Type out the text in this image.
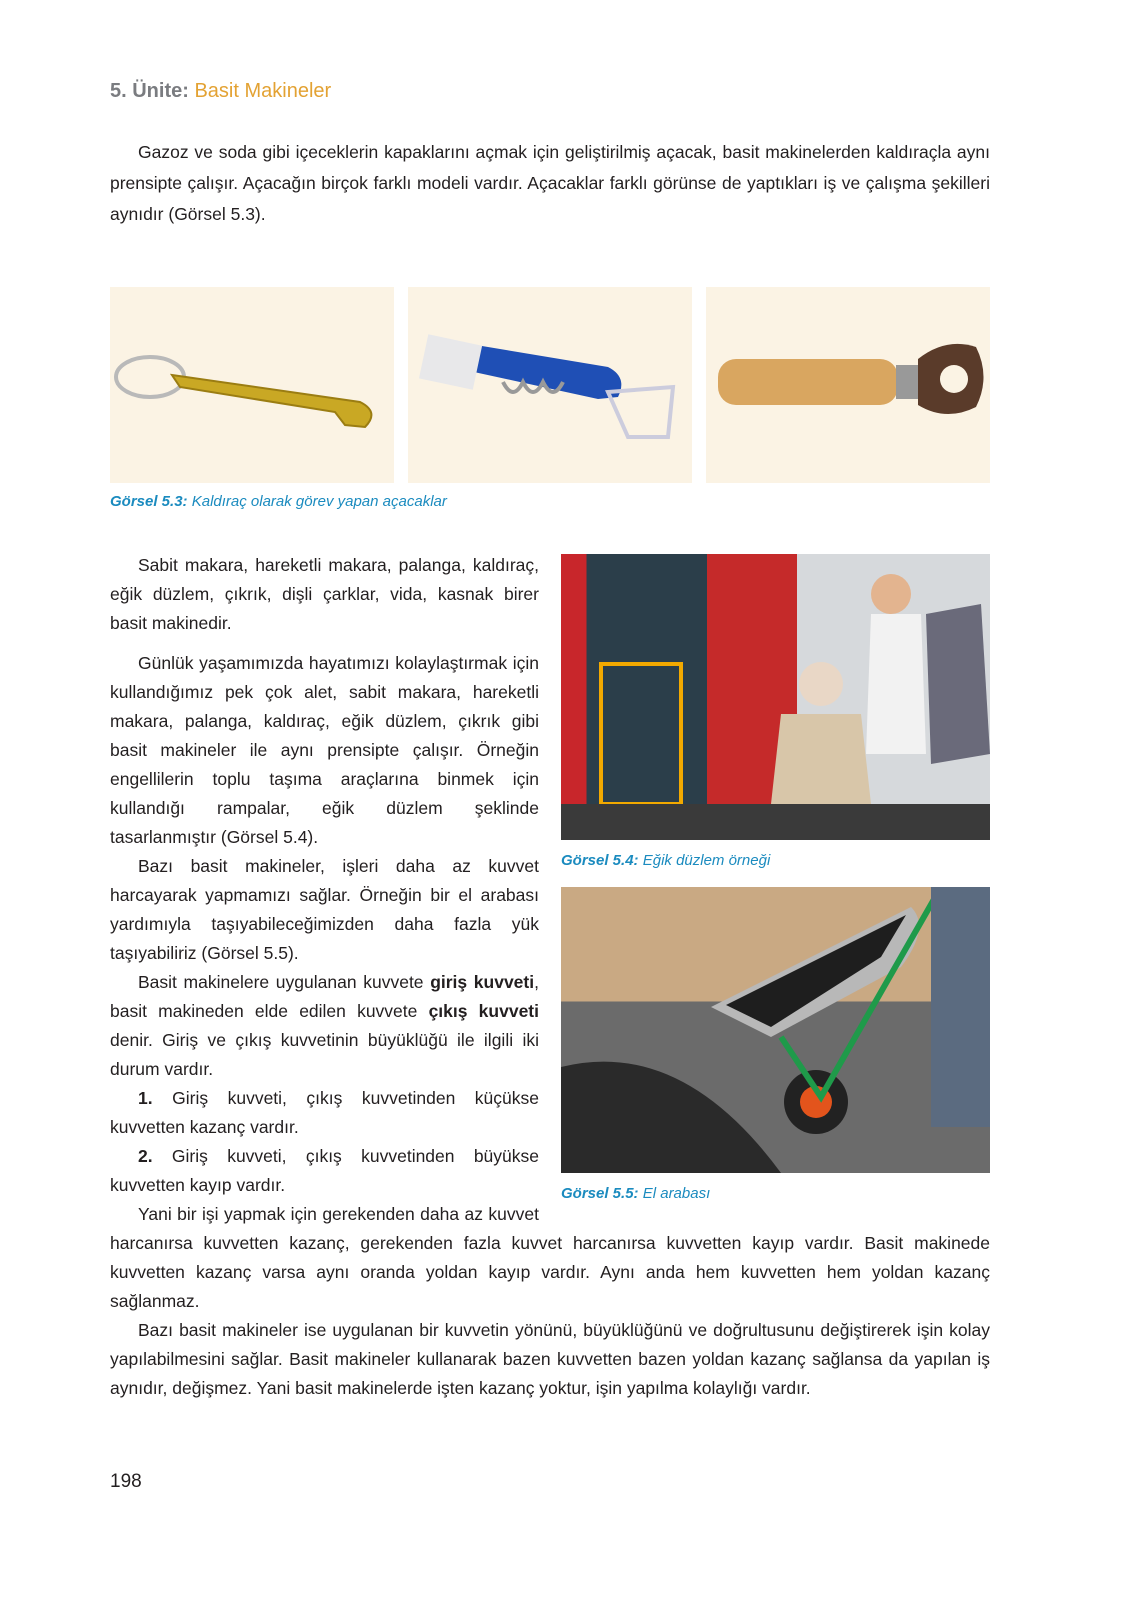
5. Ünite: Basit Makineler

Gazoz ve soda gibi içeceklerin kapaklarını açmak için geliştirilmiş açacak, basit makinelerden kaldıraçla aynı prensipte çalışır. Açacağın birçok farklı modeli vardır. Açacaklar farklı görünse de yaptıkları iş ve çalışma şekilleri aynıdır (Görsel 5.3).

Görsel 5.3: Kaldıraç olarak görev yapan açacaklar
Görsel 5.4: Eğik düzlem örneği
Görsel 5.5: El arabası

Sabit makara, hareketli makara, palanga, kaldıraç, eğik düzlem, çıkrık, dişli çarklar, vida, kasnak birer basit makinedir.

Günlük yaşamımızda hayatımızı kolaylaştırmak için kullandığımız pek çok alet, sabit makara, hareketli makara, palanga, kaldıraç, eğik düzlem, çıkrık gibi basit makineler ile aynı prensipte çalışır. Örneğin engellilerin toplu taşıma araçlarına binmek için kullandığı rampalar, eğik düzlem şeklinde tasarlanmıştır (Görsel 5.4).

Bazı basit makineler, işleri daha az kuvvet harcayarak yapmamızı sağlar. Örneğin bir el arabası yardımıyla taşıyabileceğimizden daha fazla yük taşıyabiliriz (Görsel 5.5).

Basit makinelere uygulanan kuvvete giriş kuvveti, basit makineden elde edilen kuvvete çıkış kuvveti denir. Giriş ve çıkış kuvvetinin büyüklüğü ile ilgili iki durum vardır.

1. Giriş kuvveti, çıkış kuvvetinden küçükse kuvvetten kazanç vardır.

2. Giriş kuvveti, çıkış kuvvetinden büyükse kuvvetten kayıp vardır.

Yani bir işi yapmak için gerekenden daha az kuvvet harcanırsa kuvvetten kazanç, gerekenden fazla kuvvet harcanırsa kuvvetten kayıp vardır. Basit makinede kuvvetten kazanç varsa aynı oranda yoldan kayıp vardır. Aynı anda hem kuvvetten hem yoldan kazanç sağlanmaz.

Bazı basit makineler ise uygulanan bir kuvvetin yönünü, büyüklüğünü ve doğrultusunu değiştirerek işin kolay yapılabilmesini sağlar. Basit makineler kullanarak bazen kuvvetten bazen yoldan kazanç sağlansa da yapılan iş aynıdır, değişmez. Yani basit makinelerde işten kazanç yoktur, işin yapılma kolaylığı vardır.

198
